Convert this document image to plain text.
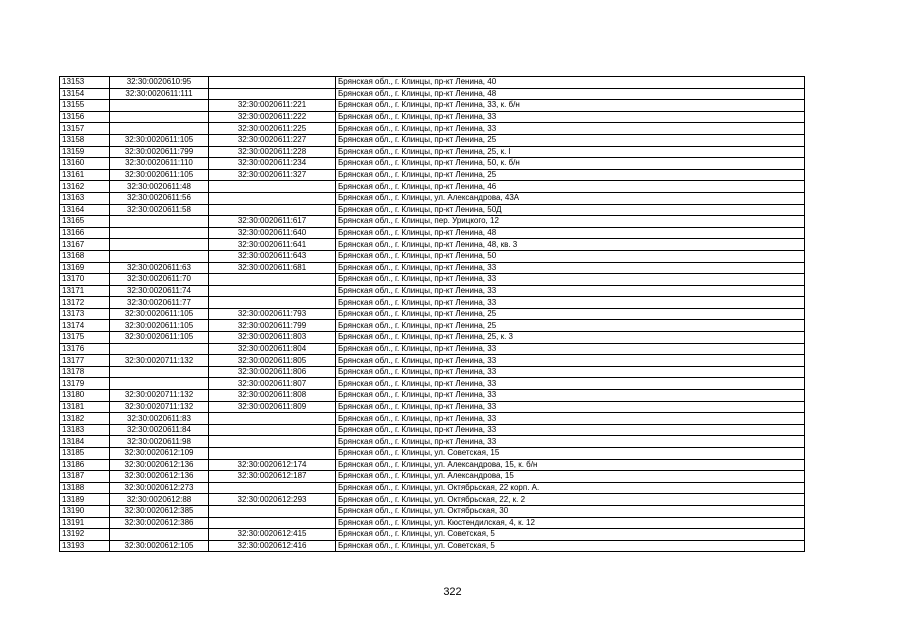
13153	32:30:0020610:95		Брянская обл., г. Клинцы, пр-кт Ленина, 40
13154	32:30:0020611:111		Брянская обл., г. Клинцы, пр-кт Ленина, 48
13155		32:30:0020611:221	Брянская обл., г. Клинцы, пр-кт Ленина, 33, к. б/н
13156		32:30:0020611:222	Брянская обл., г. Клинцы, пр-кт Ленина, 33
13157		32:30:0020611:225	Брянская обл., г. Клинцы, пр-кт Ленина, 33
13158	32:30:0020611:105	32:30:0020611:227	Брянская обл., г. Клинцы, пр-кт Ленина, 25
13159	32:30:0020611:799	32:30:0020611:228	Брянская обл., г. Клинцы, пр-кт Ленина, 25, к. I
13160	32:30:0020611:110	32:30:0020611:234	Брянская обл., г. Клинцы, пр-кт Ленина, 50, к. б/н
13161	32:30:0020611:105	32:30:0020611:327	Брянская обл., г. Клинцы, пр-кт Ленина, 25
13162	32:30:0020611:48		Брянская обл., г. Клинцы, пр-кт Ленина, 46
13163	32:30:0020611:56		Брянская обл., г. Клинцы, ул. Александрова, 43А
13164	32:30:0020611:58		Брянская обл., г. Клинцы, пр-кт Ленина, 50Д
13165		32:30:0020611:617	Брянская обл., г. Клинцы, пер. Урицкого, 12
13166		32:30:0020611:640	Брянская обл., г. Клинцы, пр-кт Ленина, 48
13167		32:30:0020611:641	Брянская обл., г. Клинцы, пр-кт Ленина, 48, кв. 3
13168		32:30:0020611:643	Брянская обл., г. Клинцы, пр-кт Ленина, 50
13169	32:30:0020611:63	32:30:0020611:681	Брянская обл., г. Клинцы, пр-кт Ленина, 33
13170	32:30:0020611:70		Брянская обл., г. Клинцы, пр-кт Ленина, 33
13171	32:30:0020611:74		Брянская обл., г. Клинцы, пр-кт Ленина, 33
13172	32:30:0020611:77		Брянская обл., г. Клинцы, пр-кт Ленина, 33
13173	32:30:0020611:105	32:30:0020611:793	Брянская обл., г. Клинцы, пр-кт Ленина, 25
13174	32:30:0020611:105	32:30:0020611:799	Брянская обл., г. Клинцы, пр-кт Ленина, 25
13175	32:30:0020611:105	32:30:0020611:803	Брянская обл., г. Клинцы, пр-кт Ленина, 25, к. 3
13176		32:30:0020611:804	Брянская обл., г. Клинцы, пр-кт Ленина, 33
13177	32:30:0020711:132	32:30:0020611:805	Брянская обл., г. Клинцы, пр-кт Ленина, 33
13178		32:30:0020611:806	Брянская обл., г. Клинцы, пр-кт Ленина, 33
13179		32:30:0020611:807	Брянская обл., г. Клинцы, пр-кт Ленина, 33
13180	32:30:0020711:132	32:30:0020611:808	Брянская обл., г. Клинцы, пр-кт Ленина, 33
13181	32:30:0020711:132	32:30:0020611:809	Брянская обл., г. Клинцы, пр-кт Ленина, 33
13182	32:30:0020611:83		Брянская обл., г. Клинцы, пр-кт Ленина, 33
13183	32:30:0020611:84		Брянская обл., г. Клинцы, пр-кт Ленина, 33
13184	32:30:0020611:98		Брянская обл., г. Клинцы, пр-кт Ленина, 33
13185	32:30:0020612:109		Брянская обл., г. Клинцы, ул. Советская, 15
13186	32:30:0020612:136	32:30:0020612:174	Брянская обл., г. Клинцы, ул. Александрова, 15, к. б/н
13187	32:30:0020612:136	32:30:0020612:187	Брянская обл., г. Клинцы, ул. Александрова, 15
13188	32:30:0020612:273		Брянская обл., г. Клинцы, ул. Октябрьская, 22 корп. А.
13189	32:30:0020612:88	32:30:0020612:293	Брянская обл., г. Клинцы, ул. Октябрьская, 22, к. 2
13190	32:30:0020612:385		Брянская обл., г. Клинцы, ул. Октябрьская, 30
13191	32:30:0020612:386		Брянская обл., г. Клинцы, ул. Кюстендилская, 4, к. 12
13192		32:30:0020612:415	Брянская обл., г. Клинцы, ул. Советская, 5
13193	32:30:0020612:105	32:30:0020612:416	Брянская обл., г. Клинцы, ул. Советская, 5
322
